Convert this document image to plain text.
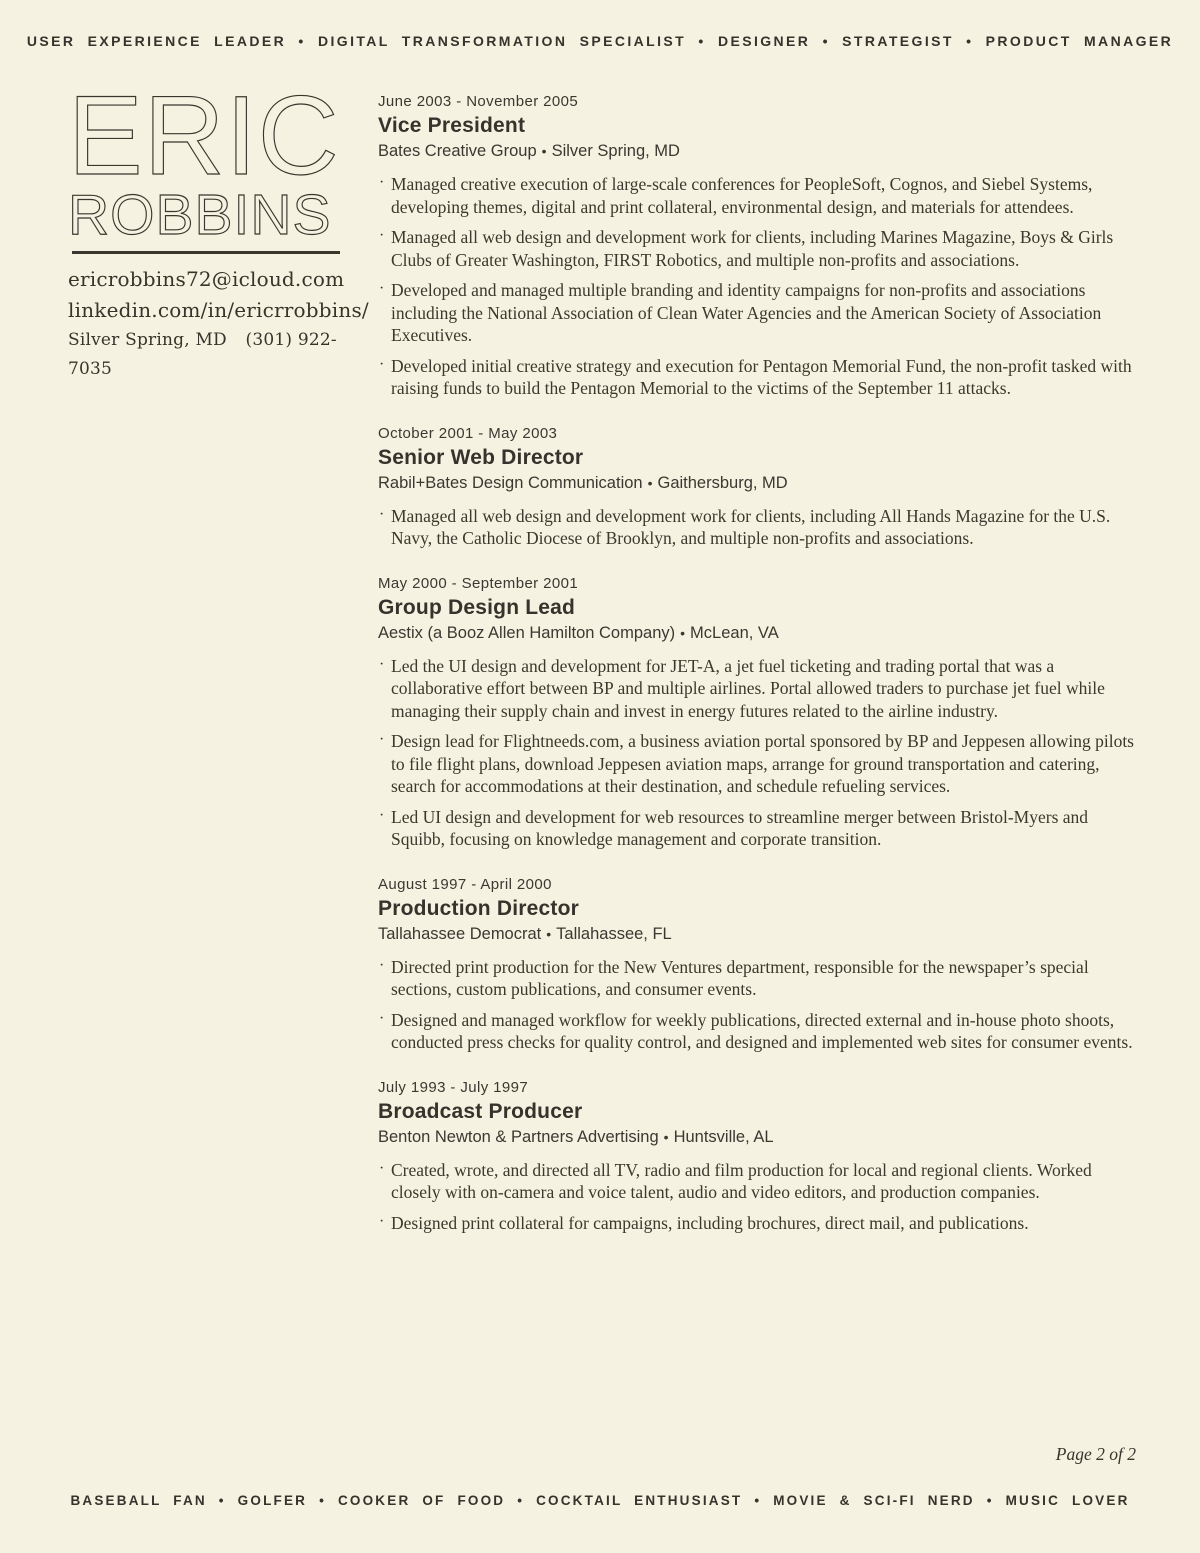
USER EXPERIENCE LEADER • DIGITAL TRANSFORMATION SPECIALIST • DESIGNER • STRATEGIST • PRODUCT MANAGER
ERIC
ROBBINS
ericrobbins72@icloud.com
linkedin.com/in/ericrrobbins/
Silver Spring, MD (301) 922-7035
June 2003 - November 2005
Vice President
Bates Creative Group • Silver Spring, MD
· Managed creative execution of large-scale conferences for PeopleSoft, Cognos, and Siebel Systems, developing themes, digital and print collateral, environmental design, and materials for attendees.
· Managed all web design and development work for clients, including Marines Magazine, Boys & Girls Clubs of Greater Washington, FIRST Robotics, and multiple non-profits and associations.
· Developed and managed multiple branding and identity campaigns for non-profits and associations including the National Association of Clean Water Agencies and the American Society of Association Executives.
· Developed initial creative strategy and execution for Pentagon Memorial Fund, the non-profit tasked with raising funds to build the Pentagon Memorial to the victims of the September 11 attacks.
October 2001 - May 2003
Senior Web Director
Rabil+Bates Design Communication • Gaithersburg, MD
· Managed all web design and development work for clients, including All Hands Magazine for the U.S. Navy, the Catholic Diocese of Brooklyn, and multiple non-profits and associations.
May 2000 - September 2001
Group Design Lead
Aestix (a Booz Allen Hamilton Company) • McLean, VA
· Led the UI design and development for JET-A, a jet fuel ticketing and trading portal that was a collaborative effort between BP and multiple airlines. Portal allowed traders to purchase jet fuel while managing their supply chain and invest in energy futures related to the airline industry.
· Design lead for Flightneeds.com, a business aviation portal sponsored by BP and Jeppesen allowing pilots to file flight plans, download Jeppesen aviation maps, arrange for ground transportation and catering, search for accommodations at their destination, and schedule refueling services.
· Led UI design and development for web resources to streamline merger between Bristol-Myers and Squibb, focusing on knowledge management and corporate transition.
August 1997 - April 2000
Production Director
Tallahassee Democrat • Tallahassee, FL
· Directed print production for the New Ventures department, responsible for the newspaper’s special sections, custom publications, and consumer events.
· Designed and managed workflow for weekly publications, directed external and in-house photo shoots, conducted press checks for quality control, and designed and implemented web sites for consumer events.
July 1993 - July 1997
Broadcast Producer
Benton Newton & Partners Advertising • Huntsville, AL
· Created, wrote, and directed all TV, radio and film production for local and regional clients. Worked closely with on-camera and voice talent, audio and video editors, and production companies.
· Designed print collateral for campaigns, including brochures, direct mail, and publications.
Page 2 of 2
BASEBALL FAN • GOLFER • COOKER OF FOOD • COCKTAIL ENTHUSIAST • MOVIE & SCI-FI NERD • MUSIC LOVER
